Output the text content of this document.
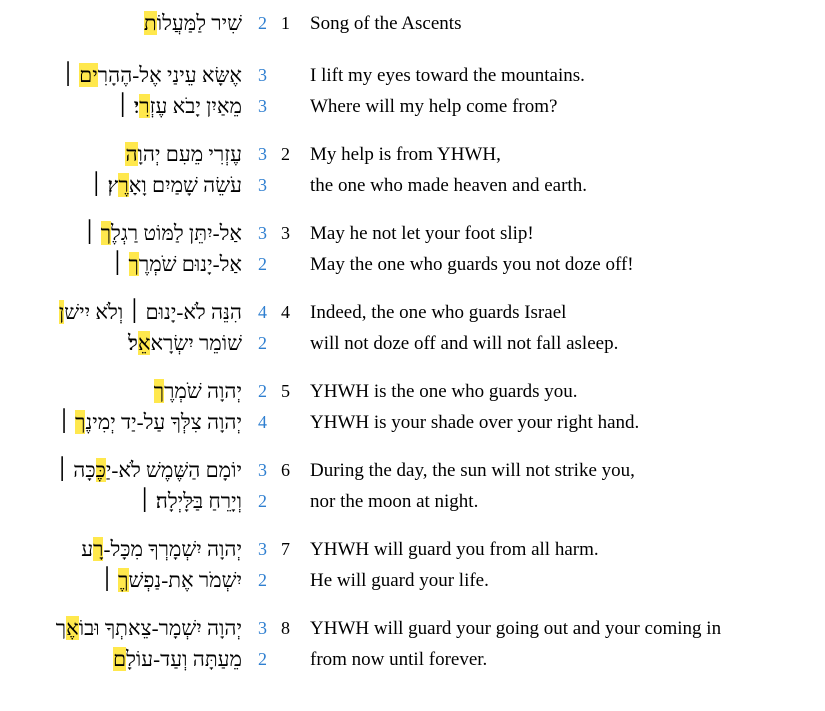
שִׁיר לַמַּעֲלוֹת	2 1 Song of the Ascents
אֶשָּׂא עֵינַי אֶל‐הֶהָרִים ׀
מֵאַיִן יָבֹא עֶזְרִי׃ ׀
3
3
I lift my eyes toward the mountains.
Where will my help come from?
עֶזְרִי מֵעִם יְהוָה
עֹשֵׂה שָׁמַיִם וָאָרֶץ׃ ׀
3
3
2 My help is from YHWH,
the one who made heaven and earth.
אַל‐יִתֵּן לַמּוֹט רַגְלֶך ׀
אַל‐יָנוּם שֹׁמְרֶך׃ ׀
3
2
3 May he not let your foot slip!
May the one who guards you not doze off!
הִנֵּה לֹא‐יָנוּם ׀ וְלֹא יִישׁן
שׁוֹמֵר יִשְׂרָאאֵל׃
4
2
4 Indeed, the one who guards Israel
will not doze off and will not fall asleep.
יְהוָה שֹׁמְרֶך
יְהוָה צִלְּךָ עַל‐יַד יְמִינֶך׃ ׀
2
4
5 YHWH is the one who guards you.
YHWH is your shade over your right hand.
יוֹמָם הַשֶּׁמֶשׁ לֹא‐יַכֶּכָּה ׀
וְיָרֵחַ בַּלָּיְלָה׃ ׀
3
2
6 During the day, the sun will not strike you,
nor the moon at night.
יְהוָה יִשְׁמָרְךָ מִכָּל‐רָע
יִשְׁמֹר אֶת‐נַפְשׁךֶ׃ ׀
3
2
7 YHWH will guard you from all harm.
He will guard your life.
יְהוָה יִשְׁמָר‐צֵאתְךָ וּבוֹאֶך
מֵעַתָּה וְעַד‐עוֹלָם
3
2
8 YHWH will guard your going out and your coming in
from now until forever.
